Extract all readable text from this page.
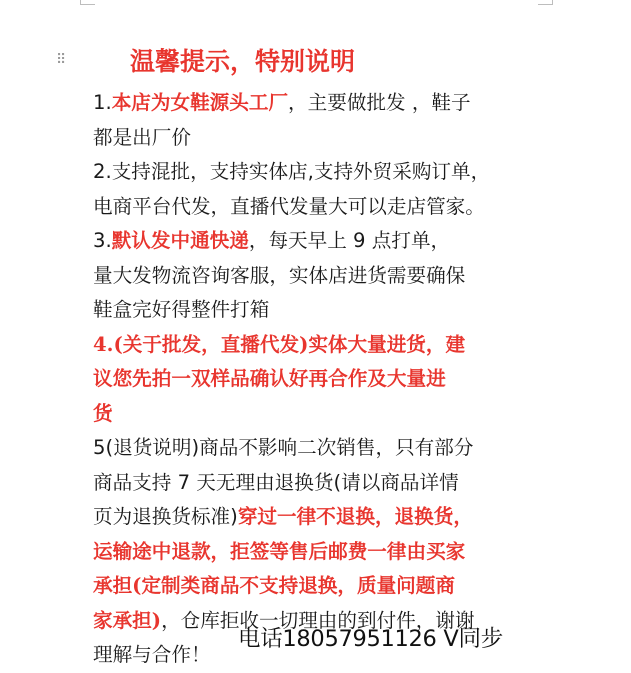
⠿	温馨提示，特别说明
1.本店为女鞋源头工厂，主要做批发 ，鞋子
都是出厂价
2.支持混批，支持实体店,支持外贸采购订单，
电商平台代发，直播代发量大可以走店管家。
3.默认发中通快递，每天早上 9 点打单，
量大发物流咨询客服，实体店进货需要确保
鞋盒完好得整件打箱
4.(关于批发，直播代发)实体大量进货，建
议您先拍一双样品确认好再合作及大量进
货
5(退货说明)商品不影响二次销售，只有部分
商品支持 7 天无理由退换货(请以商品详情
页为退换货标准)穿过一律不退换，退换货，
运输途中退款，拒签等售后邮费一律由买家
承担(定制类商品不支持退换，质量问题商
家承担)，仓库拒收一切理由的到付件，谢谢
理解与合作！
电话18057951126 V同步
